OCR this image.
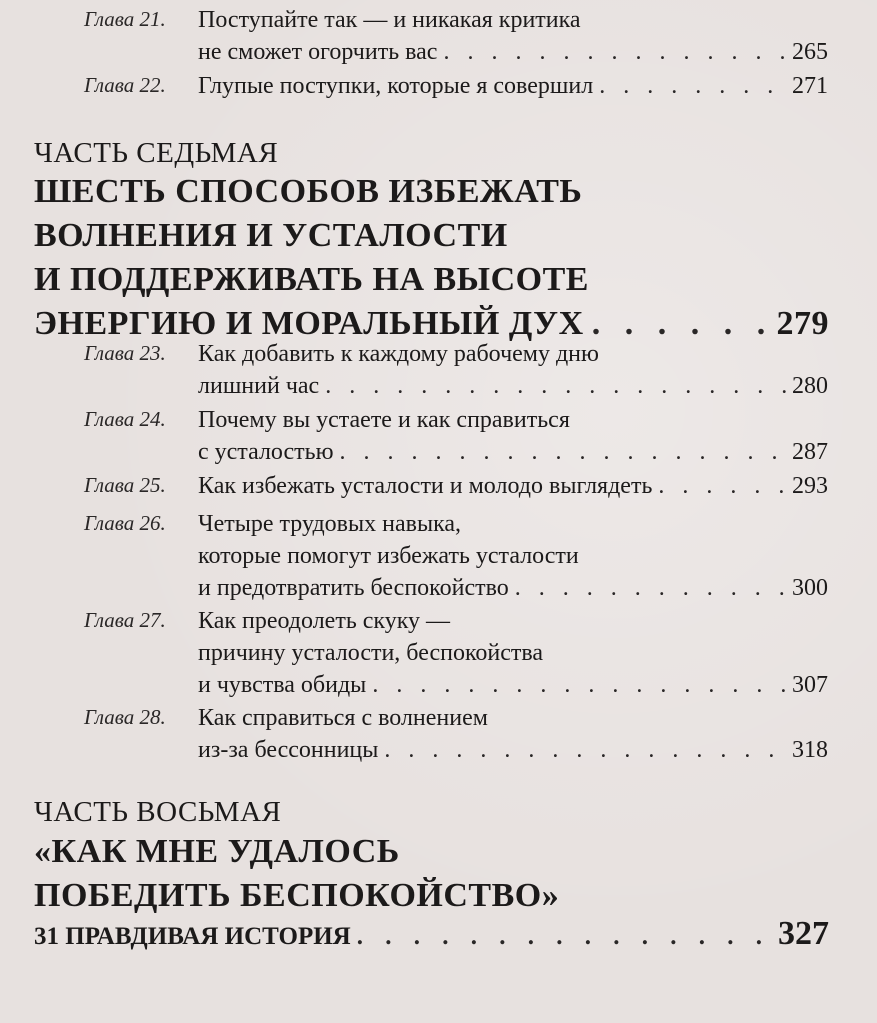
Глава 21. Поступайте так — и никакая критика
не сможет огорчить вас . . .	265
Глава 22. Глупые поступки, которые я совершил . . .	271
ЧАСТЬ СЕДЬМАЯ
ШЕСТЬ СПОСОБОВ ИЗБЕЖАТЬ
ВОЛНЕНИЯ И УСТАЛОСТИ
И ПОДДЕРЖИВАТЬ НА ВЫСОТЕ
ЭНЕРГИЮ И МОРАЛЬНЫЙ ДУХ . . .	279
Глава 23. Как добавить к каждому рабочему дню
лишний час . . .	280
Глава 24. Почему вы устаете и как справиться
с усталостью . . .	287
Глава 25. Как избежать усталости и молодо выглядеть . . .	293
Глава 26. Четыре трудовых навыка,
которые помогут избежать усталости
и предотвратить беспокойство . . .	300
Глава 27. Как преодолеть скуку —
причину усталости, беспокойства
и чувства обиды . . .	307
Глава 28. Как справиться с волнением
из-за бессонницы . . .	318
ЧАСТЬ ВОСЬМАЯ
«КАК МНЕ УДАЛОСЬ
ПОБЕДИТЬ БЕСПОКОЙСТВО»
31 ПРАВДИВАЯ ИСТОРИЯ . . .	327
